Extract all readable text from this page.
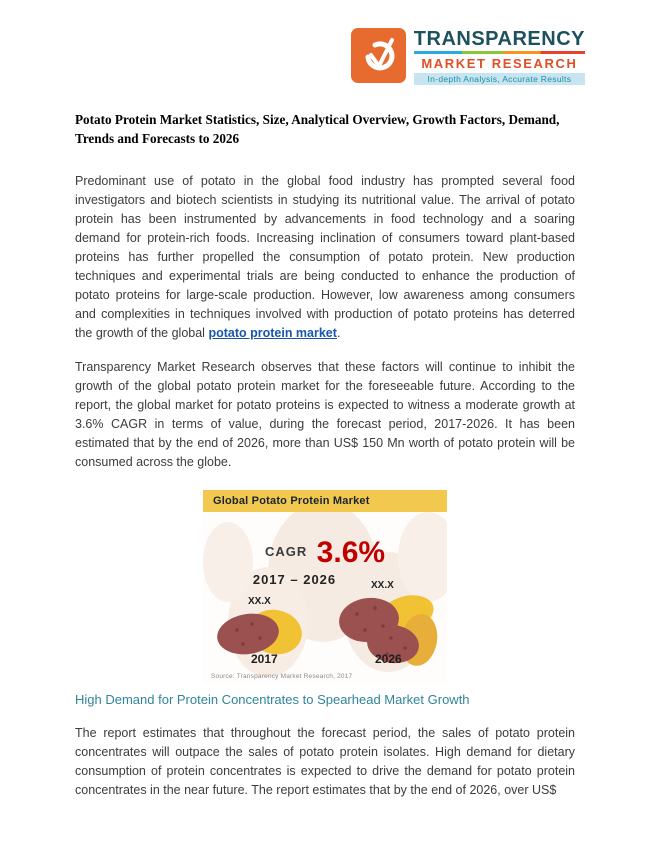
TRANSPARENCY
MARKET RESEARCH
In-depth Analysis, Accurate Results
Potato Protein Market Statistics, Size, Analytical Overview, Growth Factors, Demand, Trends and Forecasts to 2026

Predominant use of potato in the global food industry has prompted several food investigators and biotech scientists in studying its nutritional value. The arrival of potato protein has been instrumented by advancements in food technology and a soaring demand for protein-rich foods. Increasing inclination of consumers toward plant-based proteins has further propelled the consumption of potato protein. New production techniques and experimental trials are being conducted to enhance the production of potato proteins for large-scale production. However, low awareness among consumers and complexities in techniques involved with production of potato proteins has deterred the growth of the global potato protein market.

Transparency Market Research observes that these factors will continue to inhibit the growth of the global potato protein market for the foreseeable future. According to the report, the global market for potato proteins is expected to witness a moderate growth at 3.6% CAGR in terms of value, during the forecast period, 2017-2026. It has been estimated that by the end of 2026, more than US$ 150 Mn worth of potato protein will be consumed across the globe.

Global Potato Protein Market
$^{CAGR}$ 3.6%
2017 – 2026
XX.X
XX.X
2017	2026
Source: Transparency Market Research, 2017
High Demand for Protein Concentrates to Spearhead Market Growth

The report estimates that throughout the forecast period, the sales of potato protein concentrates will outpace the sales of potato protein isolates. High demand for dietary consumption of protein concentrates is expected to drive the demand for potato protein concentrates in the near future. The report estimates that by the end of 2026, over US$
